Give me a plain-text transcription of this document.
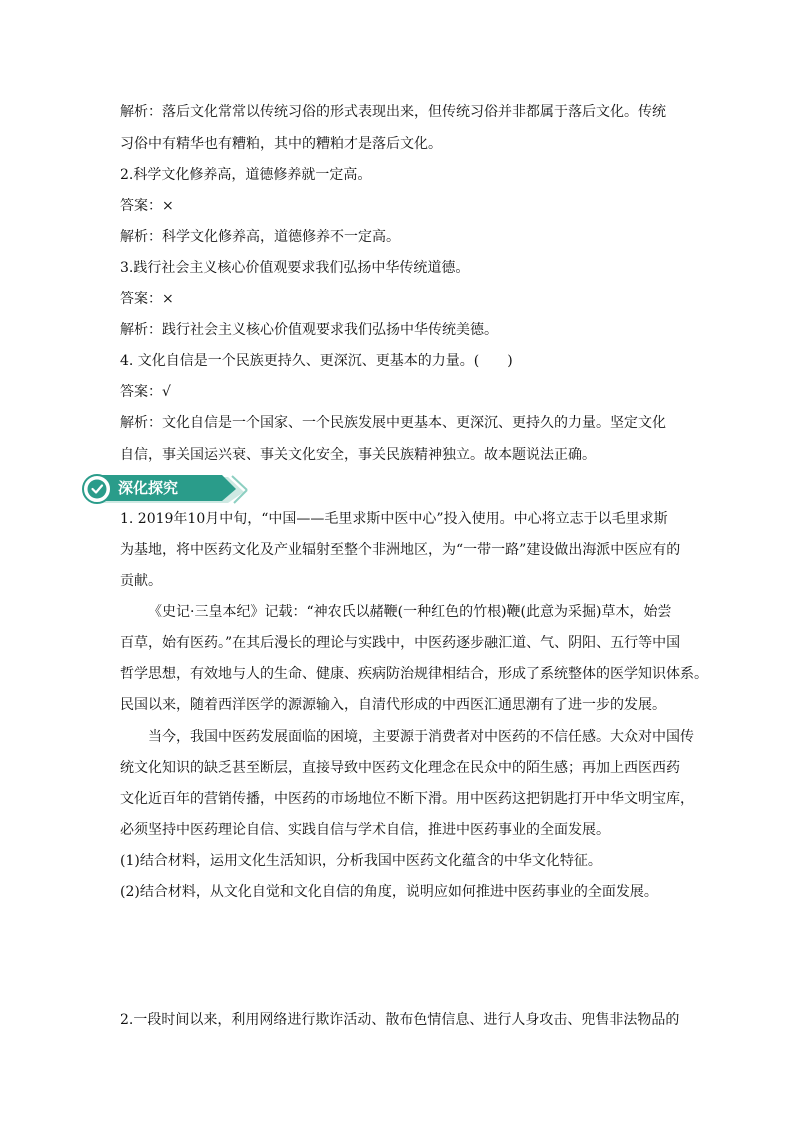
解析：落后文化常常以传统习俗的形式表现出来，但传统习俗并非都属于落后文化。传统
习俗中有精华也有糟粕，其中的糟粕才是落后文化。
2.科学文化修养高，道德修养就一定高。
答案：×
解析：科学文化修养高，道德修养不一定高。
3.践行社会主义核心价值观要求我们弘扬中华传统道德。
答案：×
解析：践行社会主义核心价值观要求我们弘扬中华传统美德。
4. 文化自信是一个民族更持久、更深沉、更基本的力量。(　　)
答案：√
解析：文化自信是一个国家、一个民族发展中更基本、更深沉、更持久的力量。坚定文化
自信，事关国运兴衰、事关文化安全，事关民族精神独立。故本题说法正确。
深化探究
1. 2019年10月中旬，“中国——毛里求斯中医中心”投入使用。中心将立志于以毛里求斯
为基地，将中医药文化及产业辐射至整个非洲地区，为“一带一路”建设做出海派中医应有的
贡献。
《史记·三皇本纪》记载：“神农氏以赭鞭(一种红色的竹根)鞭(此意为采掘)草木，始尝
百草，始有医药。”在其后漫长的理论与实践中，中医药逐步融汇道、气、阴阳、五行等中国
哲学思想，有效地与人的生命、健康、疾病防治规律相结合，形成了系统整体的医学知识体系。
民国以来，随着西洋医学的源源输入，自清代形成的中西医汇通思潮有了进一步的发展。
当今，我国中医药发展面临的困境，主要源于消费者对中医药的不信任感。大众对中国传
统文化知识的缺乏甚至断层，直接导致中医药文化理念在民众中的陌生感；再加上西医西药
文化近百年的营销传播，中医药的市场地位不断下滑。用中医药这把钥匙打开中华文明宝库，
必须坚持中医药理论自信、实践自信与学术自信，推进中医药事业的全面发展。
(1)结合材料，运用文化生活知识，分析我国中医药文化蕴含的中华文化特征。
(2)结合材料，从文化自觉和文化自信的角度，说明应如何推进中医药事业的全面发展。
2.一段时间以来，利用网络进行欺诈活动、散布色情信息、进行人身攻击、兜售非法物品的
